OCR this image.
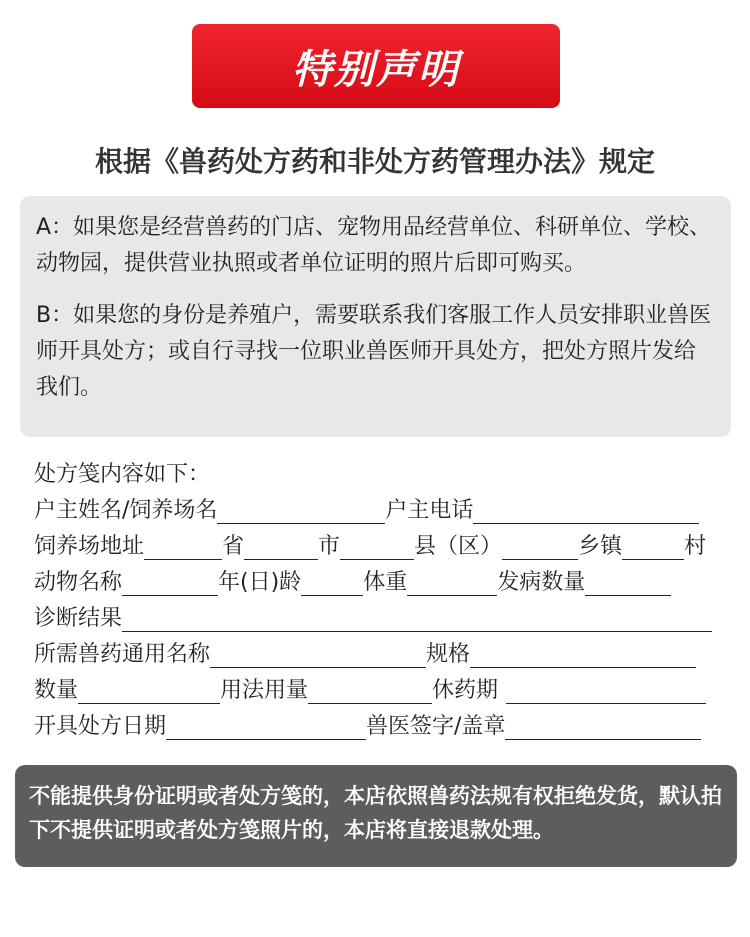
特别声明
根据《兽药处方药和非处方药管理办法》规定

A：如果您是经营兽药的门店、宠物用品经营单位、科研单位、学校、动物园，提供营业执照或者单位证明的照片后即可购买。

B：如果您的身份是养殖户，需要联系我们客服工作人员安排职业兽医师开具处方；或自行寻找一位职业兽医师开具处方，把处方照片发给我们。

处方笺内容如下：
户主姓名/饲养场名	户主电话
饲养场地址	省	市	县（区）	乡镇	村
动物名称	年(日)龄	体重	发病数量
诊断结果
所需兽药通用名称	规格
数量	用法用量	休药期
开具处方日期	兽医签字/盖章

不能提供身份证明或者处方笺的，本店依照兽药法规有权拒绝发货，默认拍下不提供证明或者处方笺照片的，本店将直接退款处理。
